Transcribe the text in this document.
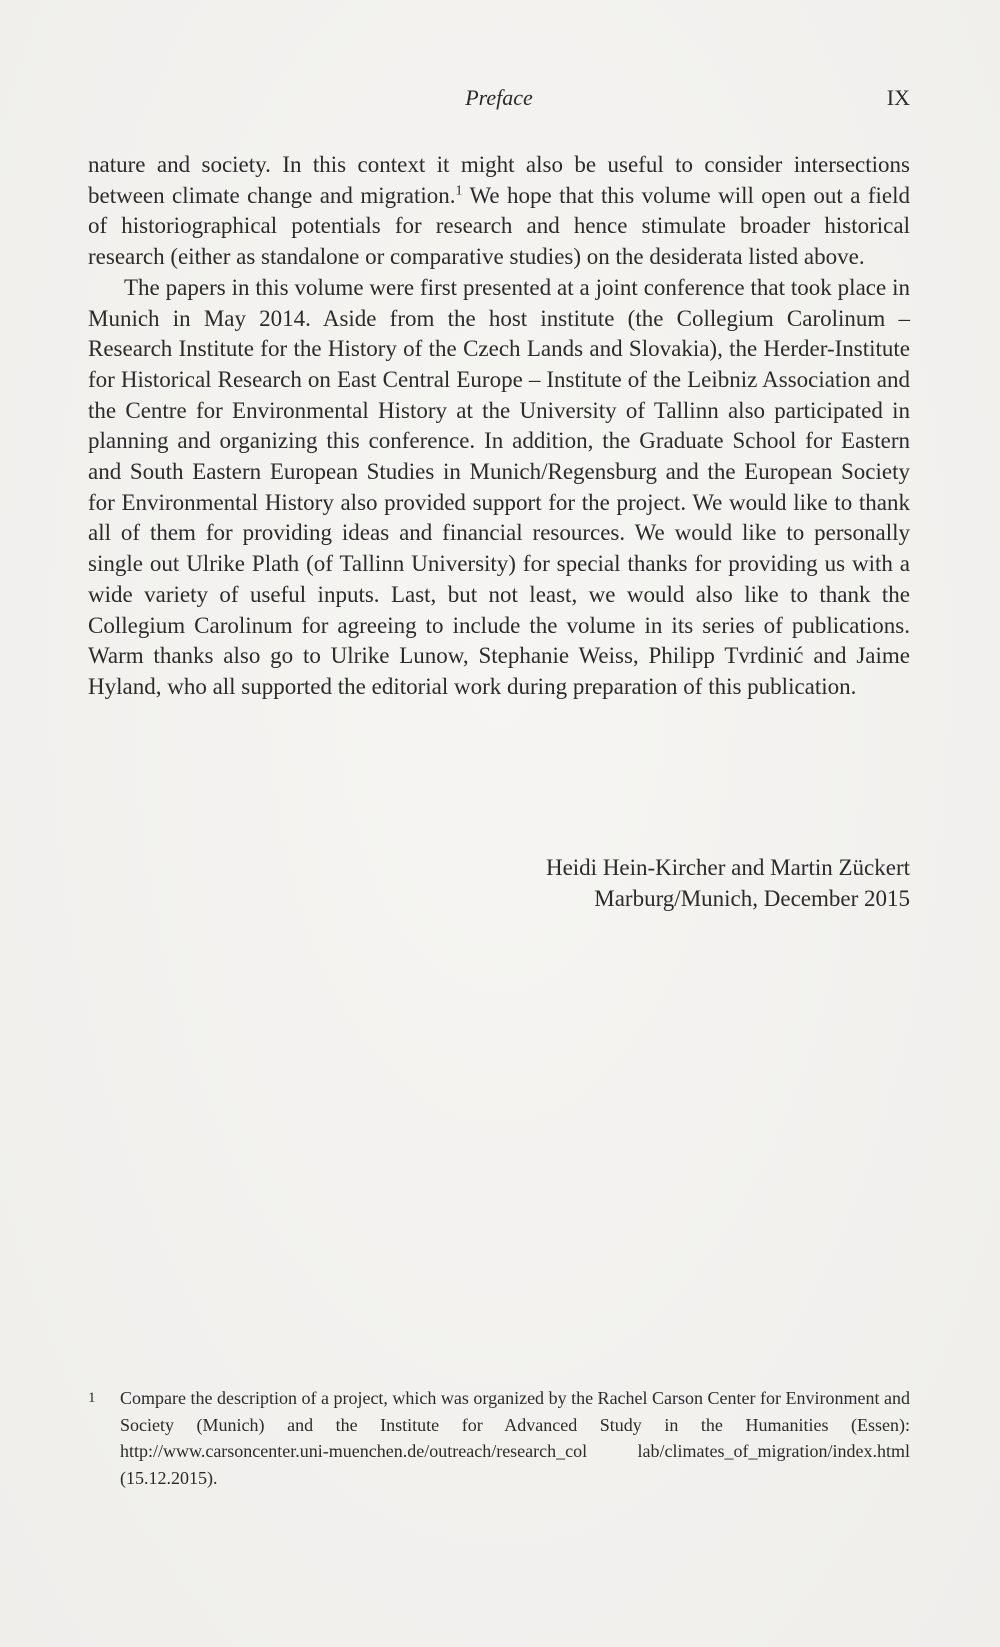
Preface	IX

nature and society. In this context it might also be useful to consider intersections between climate change and migration.$^1$ We hope that this volume will open out a field of historiographical potentials for research and hence stimulate broader historical research (either as standalone or comparative studies) on the desiderata listed above.

The papers in this volume were first presented at a joint conference that took place in Munich in May 2014. Aside from the host institute (the Collegium Carolinum – Research Institute for the History of the Czech Lands and Slovakia), the Herder-Institute for Historical Research on East Central Europe – Institute of the Leibniz Association and the Centre for Environmental History at the University of Tallinn also participated in planning and organizing this conference. In addition, the Graduate School for Eastern and South Eastern European Studies in Munich/Regensburg and the European Society for Environmental History also provided support for the project. We would like to thank all of them for providing ideas and financial resources. We would like to personally single out Ulrike Plath (of Tallinn University) for special thanks for providing us with a wide variety of useful inputs. Last, but not least, we would also like to thank the Collegium Carolinum for agreeing to include the volume in its series of publications. Warm thanks also go to Ulrike Lunow, Stephanie Weiss, Philipp Tvrdinić and Jaime Hyland, who all supported the editorial work during preparation of this publication.

Heidi Hein-Kircher and Martin Zückert
Marburg/Munich, December 2015
1 Compare the description of a project, which was organized by the Rachel Carson Center for Environment and Society (Munich) and the Institute for Advanced Study in the Humanities (Essen): http://www.carsoncenter.uni-muenchen.de/outreach/research_col lab/climates_of_migration/index.html (15.12.2015).
